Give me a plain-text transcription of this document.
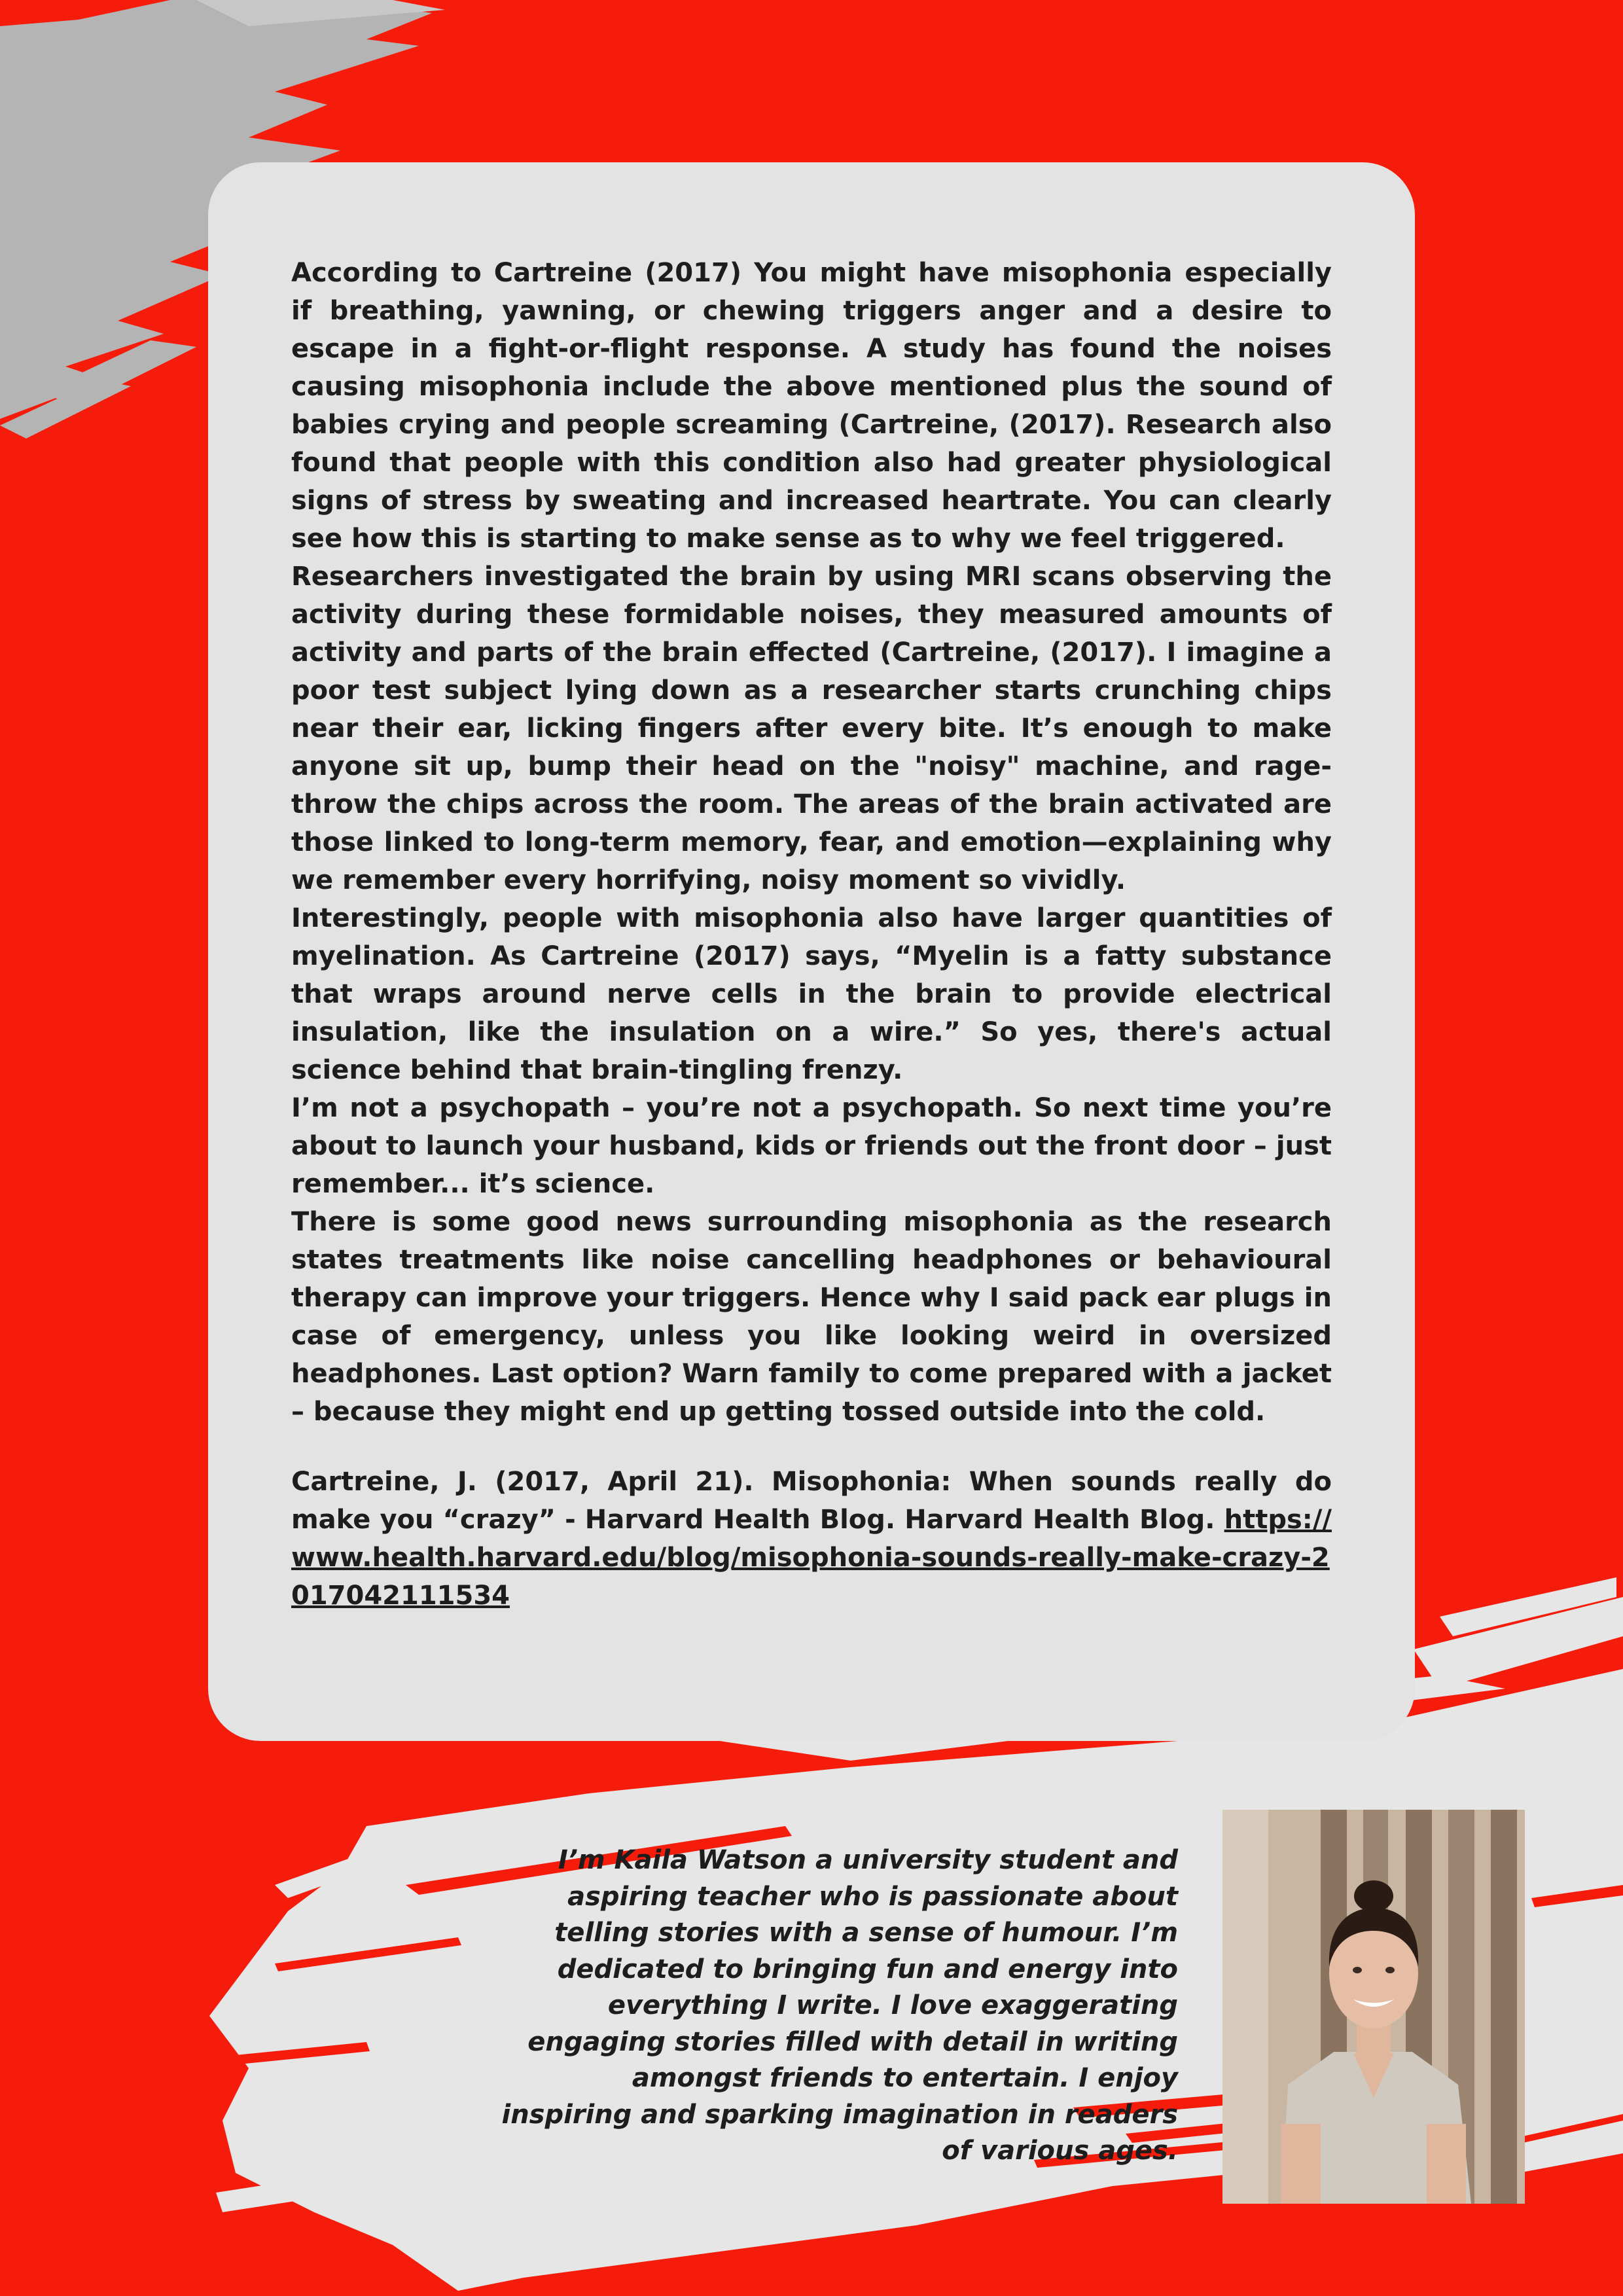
According to Cartreine (2017) You might have misophonia especially if breathing, yawning, or chewing triggers anger and a desire to escape in a fight-or-flight response. A study has found the noises causing misophonia include the above mentioned plus the sound of babies crying and people screaming (Cartreine, (2017). Research also found that people with this condition also had greater physiological signs of stress by sweating and increased heartrate. You can clearly see how this is starting to make sense as to why we feel triggered.

Researchers investigated the brain by using MRI scans observing the activity during these formidable noises, they measured amounts of activity and parts of the brain effected (Cartreine, (2017). I imagine a poor test subject lying down as a researcher starts crunching chips near their ear, licking fingers after every bite. It’s enough to make anyone sit up, bump their head on the "noisy" machine, and rage-throw the chips across the room. The areas of the brain activated are those linked to long-term memory, fear, and emotion—explaining why we remember every horrifying, noisy moment so vividly.

Interestingly, people with misophonia also have larger quantities of myelination. As Cartreine (2017) says, “Myelin is a fatty substance that wraps around nerve cells in the brain to provide electrical insulation, like the insulation on a wire.” So yes, there's actual science behind that brain-tingling frenzy.

I’m not a psychopath – you’re not a psychopath. So next time you’re about to launch your husband, kids or friends out the front door – just remember... it’s science.

There is some good news surrounding misophonia as the research states treatments like noise cancelling headphones or behavioural therapy can improve your triggers. Hence why I said pack ear plugs in case of emergency, unless you like looking weird in oversized headphones. Last option? Warn family to come prepared with a jacket – because they might end up getting tossed outside into the cold.

Cartreine, J. (2017, April 21). Misophonia: When sounds really do make you “crazy” - Harvard Health Blog. Harvard Health Blog. https://www.health.harvard.edu/blog/misophonia-sounds-really-make-crazy-2017042111534

I’m Kaila Watson a university student and aspiring teacher who is passionate about telling stories with a sense of humour. I’m dedicated to bringing fun and energy into everything I write. I love exaggerating engaging stories filled with detail in writing amongst friends to entertain. I enjoy inspiring and sparking imagination in readers of various ages.
